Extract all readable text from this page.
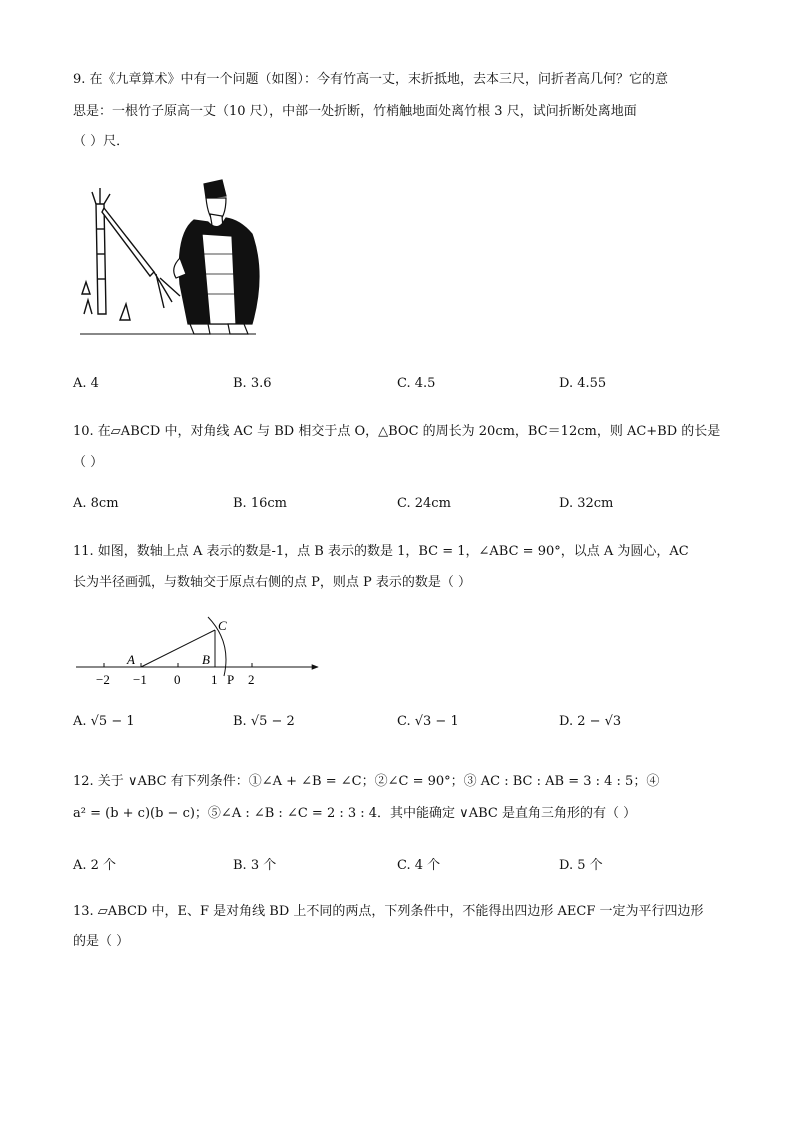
9. 在《九章算术》中有一个问题（如图）：今有竹高一丈，末折抵地，去本三尺，问折者高几何？它的意
思是：一根竹子原高一丈（10 尺），中部一处折断，竹梢触地面处离竹根 3 尺，试问折断处离地面
（ ）尺．
A. 4	B. 3.6	C. 4.5	D. 4.55
10. 在▱ABCD 中，对角线 AC 与 BD 相交于点 O，△BOC 的周长为 20cm，BC＝12cm，则 AC+BD 的长是
（ ）
A. 8cm	B. 16cm	C. 24cm	D. 32cm
11. 如图，数轴上点 A 表示的数是-1，点 B 表示的数是 1，BC = 1，∠ABC = 90°，以点 A 为圆心，AC
长为半径画弧，与数轴交于原点右侧的点 P，则点 P 表示的数是（ ）
−2 −1 0 1 2
A	B
C
P
A. √5 − 1	B. √5 − 2	C. √3 − 1	D. 2 − √3
12. 关于 ∨ABC 有下列条件：①∠A + ∠B = ∠C；②∠C = 90°；③ AC : BC : AB = 3 : 4 : 5；④
a² = (b + c)(b − c)；⑤∠A : ∠B : ∠C = 2 : 3 : 4．其中能确定 ∨ABC 是直角三角形的有（ ）
A. 2 个	B. 3 个	C. 4 个	D. 5 个
13. ▱ABCD 中，E、F 是对角线 BD 上不同的两点，下列条件中，不能得出四边形 AECF 一定为平行四边形
的是（ ）
